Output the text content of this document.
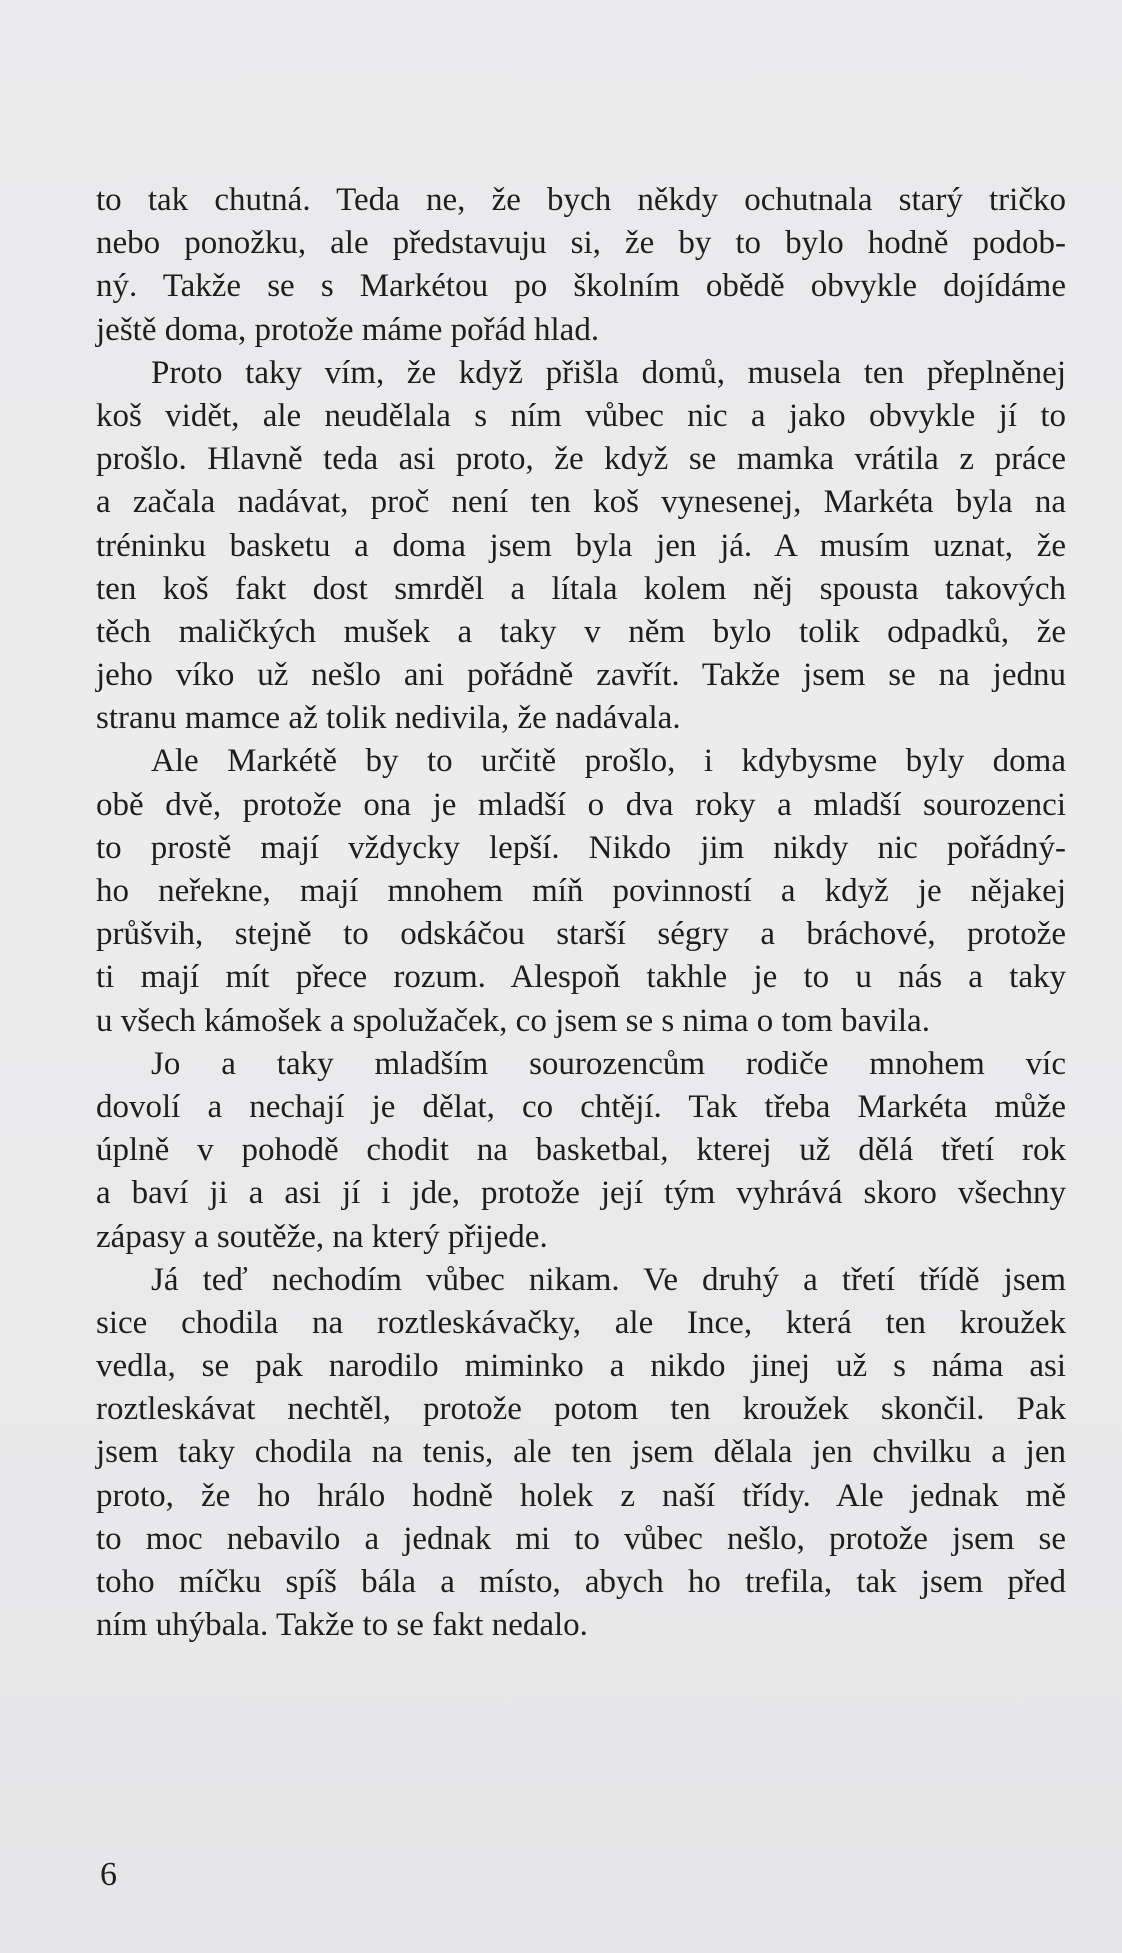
to tak chutná. Teda ne, že bych někdy ochutnala starý tričko
nebo ponožku, ale představuju si, že by to bylo hodně podob-
ný. Takže se s Markétou po školním obědě obvykle dojídáme
ještě doma, protože máme pořád hlad.
Proto taky vím, že když přišla domů, musela ten přeplněnej
koš vidět, ale neudělala s ním vůbec nic a jako obvykle jí to
prošlo. Hlavně teda asi proto, že když se mamka vrátila z práce
a začala nadávat, proč není ten koš vynesenej, Markéta byla na
tréninku basketu a doma jsem byla jen já. A musím uznat, že
ten koš fakt dost smrděl a lítala kolem něj spousta takových
těch maličkých mušek a taky v něm bylo tolik odpadků, že
jeho víko už nešlo ani pořádně zavřít. Takže jsem se na jednu
stranu mamce až tolik nedivila, že nadávala.
Ale Markétě by to určitě prošlo, i kdybysme byly doma
obě dvě, protože ona je mladší o dva roky a mladší sourozenci
to prostě mají vždycky lepší. Nikdo jim nikdy nic pořádný-
ho neřekne, mají mnohem míň povinností a když je nějakej
průšvih, stejně to odskáčou starší ségry a bráchové, protože
ti mají mít přece rozum. Alespoň takhle je to u nás a taky
u všech kámošek a spolužaček, co jsem se s nima o tom bavila.
Jo a taky mladším sourozencům rodiče mnohem víc
dovolí a nechají je dělat, co chtějí. Tak třeba Markéta může
úplně v pohodě chodit na basketbal, kterej už dělá třetí rok
a baví ji a asi jí i jde, protože její tým vyhrává skoro všechny
zápasy a soutěže, na který přijede.
Já teď nechodím vůbec nikam. Ve druhý a třetí třídě jsem
sice chodila na roztleskávačky, ale Ince, která ten kroužek
vedla, se pak narodilo miminko a nikdo jinej už s náma asi
roztleskávat nechtěl, protože potom ten kroužek skončil. Pak
jsem taky chodila na tenis, ale ten jsem dělala jen chvilku a jen
proto, že ho hrálo hodně holek z naší třídy. Ale jednak mě
to moc nebavilo a jednak mi to vůbec nešlo, protože jsem se
toho míčku spíš bála a místo, abych ho trefila, tak jsem před
ním uhýbala. Takže to se fakt nedalo.
6
